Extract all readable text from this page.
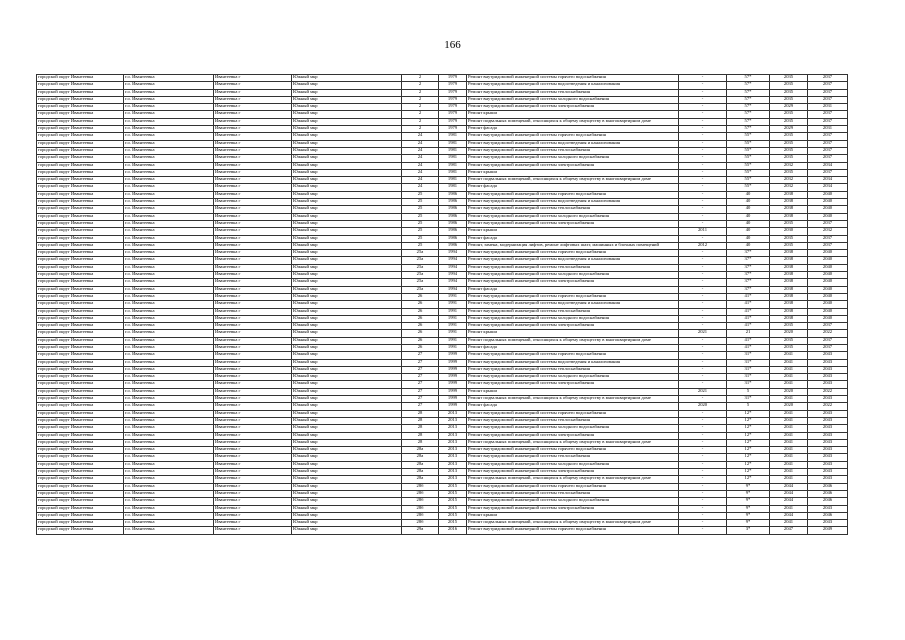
166
городской округ Ивантеевка	г.о. Ивантеевка	Ивантеевка г	Южный мкр	2	1979	Ремонт внутридомовой инженерной системы горячего водоснабжения	-	57*	2035	2037
городской округ Ивантеевка	г.о. Ивантеевка	Ивантеевка г	Южный мкр	2	1979	Ремонт внутридомовой инженерной системы водоотведения и канализования	-	57*	2035	2037
городской округ Ивантеевка	г.о. Ивантеевка	Ивантеевка г	Южный мкр	2	1979	Ремонт внутридомовой инженерной системы теплоснабжения	-	57*	2035	2037
городской округ Ивантеевка	г.о. Ивантеевка	Ивантеевка г	Южный мкр	2	1979	Ремонт внутридомовой инженерной системы холодного водоснабжения	-	57*	2035	2037
городской округ Ивантеевка	г.о. Ивантеевка	Ивантеевка г	Южный мкр	2	1979	Ремонт внутридомовой инженерной системы электроснабжения	-	57*	2029	2031
городской округ Ивантеевка	г.о. Ивантеевка	Ивантеевка г	Южный мкр	2	1979	Ремонт крыши	-	57*	2035	2037
городской округ Ивантеевка	г.о. Ивантеевка	Ивантеевка г	Южный мкр	2	1979	Ремонт подвальных помещений, относящихся к общему имуществу в многоквартирном доме	-	57*	2035	2037
городской округ Ивантеевка	г.о. Ивантеевка	Ивантеевка г	Южный мкр	2	1979	Ремонт фасада	-	57*	2029	2031
городской округ Ивантеевка	г.о. Ивантеевка	Ивантеевка г	Южный мкр	24	1981	Ремонт внутридомовой инженерной системы горячего водоснабжения	-	55*	2035	2037
городской округ Ивантеевка	г.о. Ивантеевка	Ивантеевка г	Южный мкр	24	1981	Ремонт внутридомовой инженерной системы водоотведения и канализования	-	55*	2035	2037
городской округ Ивантеевка	г.о. Ивантеевка	Ивантеевка г	Южный мкр	24	1981	Ремонт внутридомовой инженерной системы теплоснабжения	-	55*	2035	2037
городской округ Ивантеевка	г.о. Ивантеевка	Ивантеевка г	Южный мкр	24	1981	Ремонт внутридомовой инженерной системы холодного водоснабжения	-	55*	2035	2037
городской округ Ивантеевка	г.о. Ивантеевка	Ивантеевка г	Южный мкр	24	1981	Ремонт внутридомовой инженерной системы электроснабжения	-	55*	2032	2034
городской округ Ивантеевка	г.о. Ивантеевка	Ивантеевка г	Южный мкр	24	1981	Ремонт крыши	-	55*	2035	2037
городской округ Ивантеевка	г.о. Ивантеевка	Ивантеевка г	Южный мкр	24	1981	Ремонт подвальных помещений, относящихся к общему имуществу в многоквартирном доме	-	55*	2032	2034
городской округ Ивантеевка	г.о. Ивантеевка	Ивантеевка г	Южный мкр	24	1981	Ремонт фасада	-	55*	2032	2034
городской округ Ивантеевка	г.о. Ивантеевка	Ивантеевка г	Южный мкр	25	1986	Ремонт внутридомовой инженерной системы горячего водоснабжения	-	40	2038	2040
городской округ Ивантеевка	г.о. Ивантеевка	Ивантеевка г	Южный мкр	25	1986	Ремонт внутридомовой инженерной системы водоотведения и канализования	-	40	2038	2040
городской округ Ивантеевка	г.о. Ивантеевка	Ивантеевка г	Южный мкр	25	1986	Ремонт внутридомовой инженерной системы теплоснабжения	-	40	2038	2040
городской округ Ивантеевка	г.о. Ивантеевка	Ивантеевка г	Южный мкр	25	1986	Ремонт внутридомовой инженерной системы холодного водоснабжения	-	40	2038	2040
городской округ Ивантеевка	г.о. Ивантеевка	Ивантеевка г	Южный мкр	25	1986	Ремонт внутридомовой инженерной системы электроснабжения	-	40	2035	2037
городской округ Ивантеевка	г.о. Ивантеевка	Ивантеевка г	Южный мкр	25	1986	Ремонт крыши	2011	40	2030	2032
городской округ Ивантеевка	г.о. Ивантеевка	Ивантеевка г	Южный мкр	25	1986	Ремонт фасада	-	40	2035	2037
городской округ Ивантеевка	г.о. Ивантеевка	Ивантеевка г	Южный мкр	25	1986	Ремонт, замена, модернизация лифтов, ремонт лифтовых шахт, машинных и блочных помещений	2012	40	2035	2037
городской округ Ивантеевка	г.о. Ивантеевка	Ивантеевка г	Южный мкр	25а	1994	Ремонт внутридомовой инженерной системы горячего водоснабжения	-	37*	2038	2040
городской округ Ивантеевка	г.о. Ивантеевка	Ивантеевка г	Южный мкр	25а	1994	Ремонт внутридомовой инженерной системы водоотведения и канализования	-	37*	2038	2040
городской округ Ивантеевка	г.о. Ивантеевка	Ивантеевка г	Южный мкр	25а	1994	Ремонт внутридомовой инженерной системы теплоснабжения	-	37*	2038	2040
городской округ Ивантеевка	г.о. Ивантеевка	Ивантеевка г	Южный мкр	25а	1994	Ремонт внутридомовой инженерной системы холодного водоснабжения	-	37*	2038	2040
городской округ Ивантеевка	г.о. Ивантеевка	Ивантеевка г	Южный мкр	25а	1994	Ремонт внутридомовой инженерной системы электроснабжения	-	37*	2038	2040
городской округ Ивантеевка	г.о. Ивантеевка	Ивантеевка г	Южный мкр	25а	1994	Ремонт фасада	-	37*	2038	2040
городской округ Ивантеевка	г.о. Ивантеевка	Ивантеевка г	Южный мкр	26	1991	Ремонт внутридомовой инженерной системы горячего водоснабжения	-	41*	2038	2040
городской округ Ивантеевка	г.о. Ивантеевка	Ивантеевка г	Южный мкр	26	1991	Ремонт внутридомовой инженерной системы водоотведения и канализования	-	41*	2038	2040
городской округ Ивантеевка	г.о. Ивантеевка	Ивантеевка г	Южный мкр	26	1991	Ремонт внутридомовой инженерной системы теплоснабжения	-	41*	2038	2040
городской округ Ивантеевка	г.о. Ивантеевка	Ивантеевка г	Южный мкр	26	1991	Ремонт внутридомовой инженерной системы холодного водоснабжения	-	41*	2038	2040
городской округ Ивантеевка	г.о. Ивантеевка	Ивантеевка г	Южный мкр	26	1991	Ремонт внутридомовой инженерной системы электроснабжения	-	41*	2035	2037
городской округ Ивантеевка	г.о. Ивантеевка	Ивантеевка г	Южный мкр	26	1991	Ремонт крыши	2021	21	2020	2022
городской округ Ивантеевка	г.о. Ивантеевка	Ивантеевка г	Южный мкр	26	1991	Ремонт подвальных помещений, относящихся к общему имуществу в многоквартирном доме	-	41*	2035	2037
городской округ Ивантеевка	г.о. Ивантеевка	Ивантеевка г	Южный мкр	26	1991	Ремонт фасада	-	41*	2035	2037
городской округ Ивантеевка	г.о. Ивантеевка	Ивантеевка г	Южный мкр	27	1999	Ремонт внутридомовой инженерной системы горячего водоснабжения	-	31*	2041	2043
городской округ Ивантеевка	г.о. Ивантеевка	Ивантеевка г	Южный мкр	27	1999	Ремонт внутридомовой инженерной системы водоотведения и канализования	-	31*	2041	2043
городской округ Ивантеевка	г.о. Ивантеевка	Ивантеевка г	Южный мкр	27	1999	Ремонт внутридомовой инженерной системы теплоснабжения	-	31*	2041	2043
городской округ Ивантеевка	г.о. Ивантеевка	Ивантеевка г	Южный мкр	27	1999	Ремонт внутридомовой инженерной системы холодного водоснабжения	-	31*	2041	2043
городской округ Ивантеевка	г.о. Ивантеевка	Ивантеевка г	Южный мкр	27	1999	Ремонт внутридомовой инженерной системы электроснабжения	-	31*	2041	2043
городской округ Ивантеевка	г.о. Ивантеевка	Ивантеевка г	Южный мкр	27	1999	Ремонт крыши	2021	5	2020	2022
городской округ Ивантеевка	г.о. Ивантеевка	Ивантеевка г	Южный мкр	27	1999	Ремонт подвальных помещений, относящихся к общему имуществу в многоквартирном доме	-	31*	2041	2043
городской округ Ивантеевка	г.о. Ивантеевка	Ивантеевка г	Южный мкр	27	1999	Ремонт фасада	2020	5	2020	2022
городской округ Ивантеевка	г.о. Ивантеевка	Ивантеевка г	Южный мкр	28	2013	Ремонт внутридомовой инженерной системы горячего водоснабжения	-	12*	2041	2043
городской округ Ивантеевка	г.о. Ивантеевка	Ивантеевка г	Южный мкр	28	2013	Ремонт внутридомовой инженерной системы теплоснабжения	-	12*	2041	2043
городской округ Ивантеевка	г.о. Ивантеевка	Ивантеевка г	Южный мкр	28	2013	Ремонт внутридомовой инженерной системы холодного водоснабжения	-	12*	2041	2043
городской округ Ивантеевка	г.о. Ивантеевка	Ивантеевка г	Южный мкр	28	2013	Ремонт внутридомовой инженерной системы электроснабжения	-	12*	2041	2043
городской округ Ивантеевка	г.о. Ивантеевка	Ивантеевка г	Южный мкр	28	2013	Ремонт подвальных помещений, относящихся к общему имуществу в многоквартирном доме	-	12*	2041	2043
городской округ Ивантеевка	г.о. Ивантеевка	Ивантеевка г	Южный мкр	28а	2013	Ремонт внутридомовой инженерной системы горячего водоснабжения	-	12*	2041	2043
городской округ Ивантеевка	г.о. Ивантеевка	Ивантеевка г	Южный мкр	28а	2013	Ремонт внутридомовой инженерной системы теплоснабжения	-	12*	2041	2043
городской округ Ивантеевка	г.о. Ивантеевка	Ивантеевка г	Южный мкр	28а	2013	Ремонт внутридомовой инженерной системы холодного водоснабжения	-	12*	2041	2043
городской округ Ивантеевка	г.о. Ивантеевка	Ивантеевка г	Южный мкр	28а	2013	Ремонт внутридомовой инженерной системы электроснабжения	-	12*	2041	2043
городской округ Ивантеевка	г.о. Ивантеевка	Ивантеевка г	Южный мкр	28а	2013	Ремонт подвальных помещений, относящихся к общему имуществу в многоквартирном доме	-	12*	2041	2043
городской округ Ивантеевка	г.о. Ивантеевка	Ивантеевка г	Южный мкр	28б	2015	Ремонт внутридомовой инженерной системы горячего водоснабжения	-	9*	2044	2046
городской округ Ивантеевка	г.о. Ивантеевка	Ивантеевка г	Южный мкр	28б	2015	Ремонт внутридомовой инженерной системы теплоснабжения	-	9*	2044	2046
городской округ Ивантеевка	г.о. Ивантеевка	Ивантеевка г	Южный мкр	28б	2015	Ремонт внутридомовой инженерной системы холодного водоснабжения	-	9*	2044	2046
городской округ Ивантеевка	г.о. Ивантеевка	Ивантеевка г	Южный мкр	28б	2015	Ремонт внутридомовой инженерной системы электроснабжения	-	9*	2041	2043
городской округ Ивантеевка	г.о. Ивантеевка	Ивантеевка г	Южный мкр	28б	2015	Ремонт крыши	-	9*	2044	2046
городской округ Ивантеевка	г.о. Ивантеевка	Ивантеевка г	Южный мкр	28б	2015	Ремонт подвальных помещений, относящихся к общему имуществу в многоквартирном доме	-	9*	2041	2043
городской округ Ивантеевка	г.о. Ивантеевка	Ивантеевка г	Южный мкр	29а	2016	Ремонт внутридомовой инженерной системы горячего водоснабжения	-	3*	2047	2049
